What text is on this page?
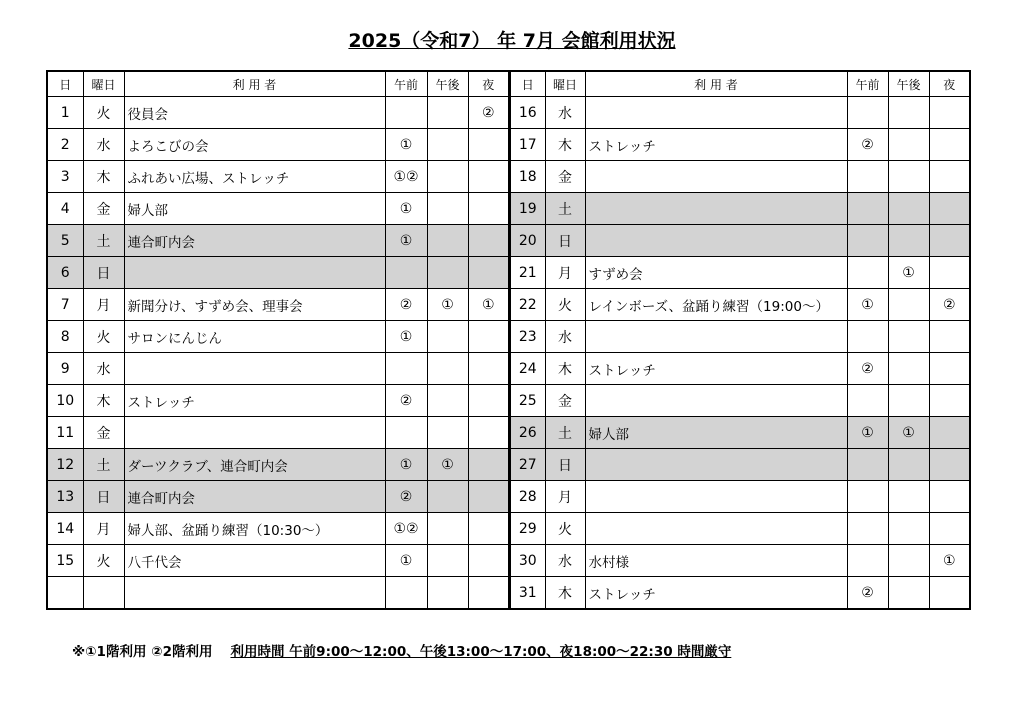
2025（令和7） 年 7月 会館利用状況
日	曜日	利 用 者	午前	午後	夜
1	火	役員会			②
2	水	よろこびの会	①		
3	木	ふれあい広場、ストレッチ	①②		
4	金	婦人部	①		
5	土	連合町内会	①		
6	日				
7	月	新聞分け、すずめ会、理事会	②	①	①
8	火	サロンにんじん	①		
9	水				
10	木	ストレッチ	②		
11	金				
12	土	ダーツクラブ、連合町内会	①	①	
13	日	連合町内会	②		
14	月	婦人部、盆踊り練習（10:30～）	①②		
15	火	八千代会	①		

日	曜日	利 用 者	午前	午後	夜
16	水				
17	木	ストレッチ	②		
18	金				
19	土				
20	日				
21	月	すずめ会		①	
22	火	レインボーズ、盆踊り練習（19:00～）	①		②
23	水				
24	木	ストレッチ	②		
25	金				
26	土	婦人部	①	①	
27	日				
28	月				
29	火				
30	水	水村様			①
31	木	ストレッチ	②		
※①1階利用 ②2階利用 利用時間 午前9:00～12:00、午後13:00～17:00、夜18:00～22:30 時間厳守
